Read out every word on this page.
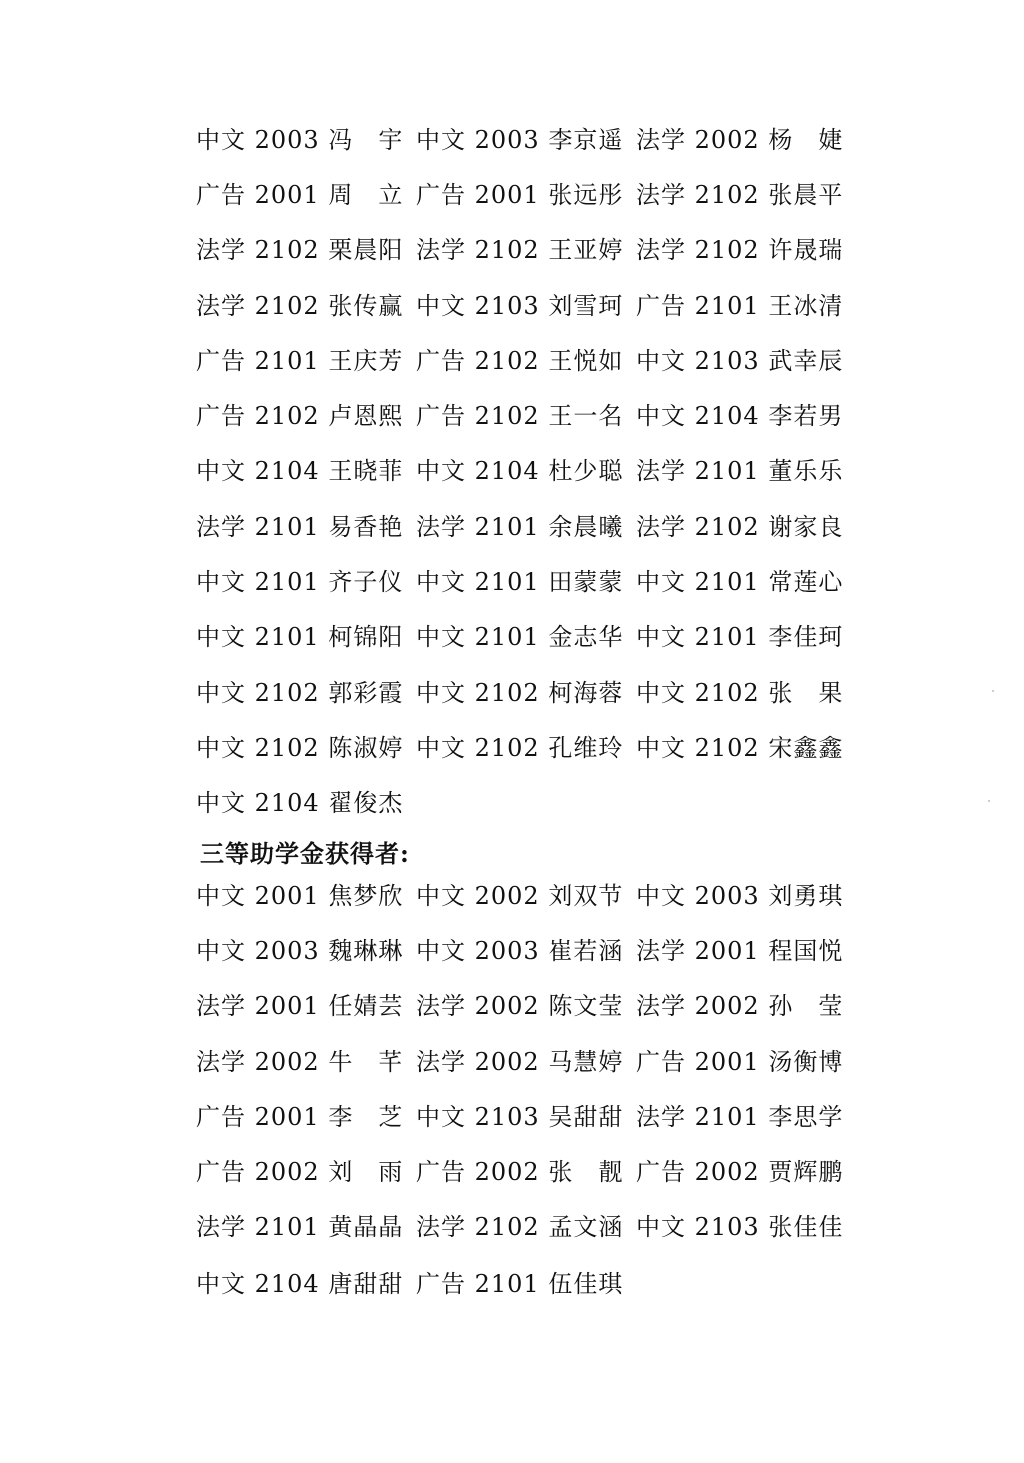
中文 2003 冯　宇 中文 2003 李京遥 法学 2002 杨　婕
广告 2001 周　立 广告 2001 张远彤 法学 2102 张晨平
法学 2102 栗晨阳 法学 2102 王亚婷 法学 2102 许晟瑞
法学 2102 张传赢 中文 2103 刘雪珂 广告 2101 王冰清
广告 2101 王庆芳 广告 2102 王悦如 中文 2103 武幸辰
广告 2102 卢恩熙 广告 2102 王一名 中文 2104 李若男
中文 2104 王晓菲 中文 2104 杜少聪 法学 2101 董乐乐
法学 2101 易香艳 法学 2101 余晨曦 法学 2102 谢家良
中文 2101 齐子仪 中文 2101 田蒙蒙 中文 2101 常莲心
中文 2101 柯锦阳 中文 2101 金志华 中文 2101 李佳珂
中文 2102 郭彩霞 中文 2102 柯海蓉 中文 2102 张　果
中文 2102 陈淑婷 中文 2102 孔维玲 中文 2102 宋鑫鑫
中文 2104 翟俊杰
三等助学金获得者:
中文 2001 焦梦欣 中文 2002 刘双节 中文 2003 刘勇琪
中文 2003 魏琳琳 中文 2003 崔若涵 法学 2001 程国悦
法学 2001 任婧芸 法学 2002 陈文莹 法学 2002 孙　莹
法学 2002 牛　芊 法学 2002 马慧婷 广告 2001 汤衡博
广告 2001 李　芝 中文 2103 吴甜甜 法学 2101 李思学
广告 2002 刘　雨 广告 2002 张　靓 广告 2002 贾辉鹏
法学 2101 黄晶晶 法学 2102 孟文涵 中文 2103 张佳佳
中文 2104 唐甜甜 广告 2101 伍佳琪
